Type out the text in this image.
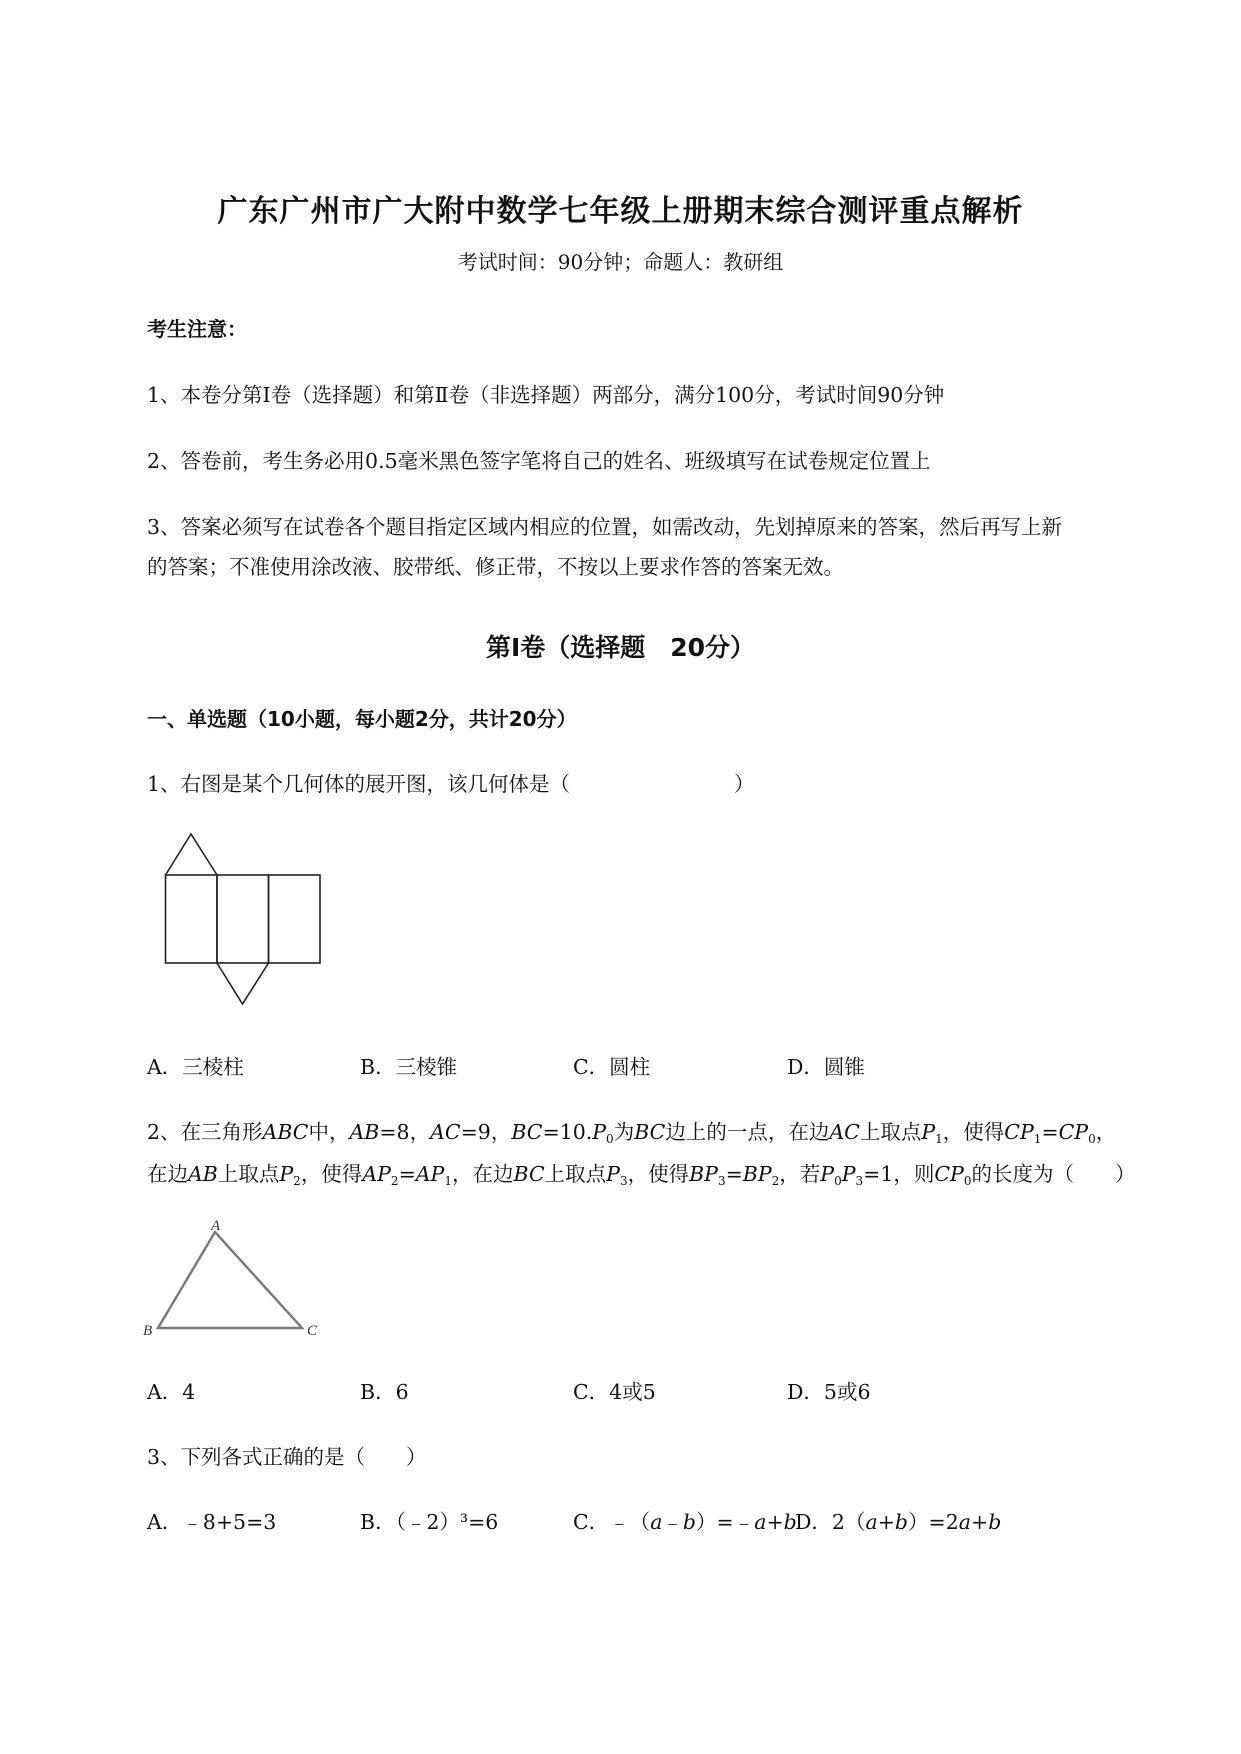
广东广州市广大附中数学七年级上册期末综合测评重点解析
考试时间：90分钟；命题人：教研组
考生注意：
1、本卷分第I卷（选择题）和第Ⅱ卷（非选择题）两部分，满分100分，考试时间90分钟
2、答卷前，考生务必用0.5毫米黑色签字笔将自己的姓名、班级填写在试卷规定位置上
3、答案必须写在试卷各个题目指定区域内相应的位置，如需改动，先划掉原来的答案，然后再写上新
的答案；不准使用涂改液、胶带纸、修正带，不按以上要求作答的答案无效。
第I卷（选择题　20分）
一、单选题（10小题，每小题2分，共计20分）
1、右图是某个几何体的展开图，该几何体是（　　　　　　　　）
A．三棱柱	B．三棱锥	C．圆柱	D．圆锥
2、在三角形ABC中，AB=8，AC=9，$BC=10.P_0$为BC边上的一点，在边AC上取点$P_1$，使得$CP_1=CP_0$，
在边AB上取点$P_2$，使得$AP_2=AP_1$，在边BC上取点$P_3$，使得$BP_3=BP_2$，若$P_0P_3=1$，则$CP_0$的长度为（　　）
A
B	C
A．4	B．6	C．4或5	D．5或6
3、下列各式正确的是（　　）
A．﹣8+5=3	B．（﹣2）³=6	C．﹣（a﹣b）=﹣a+b
D．2（a+b）=2a+b
